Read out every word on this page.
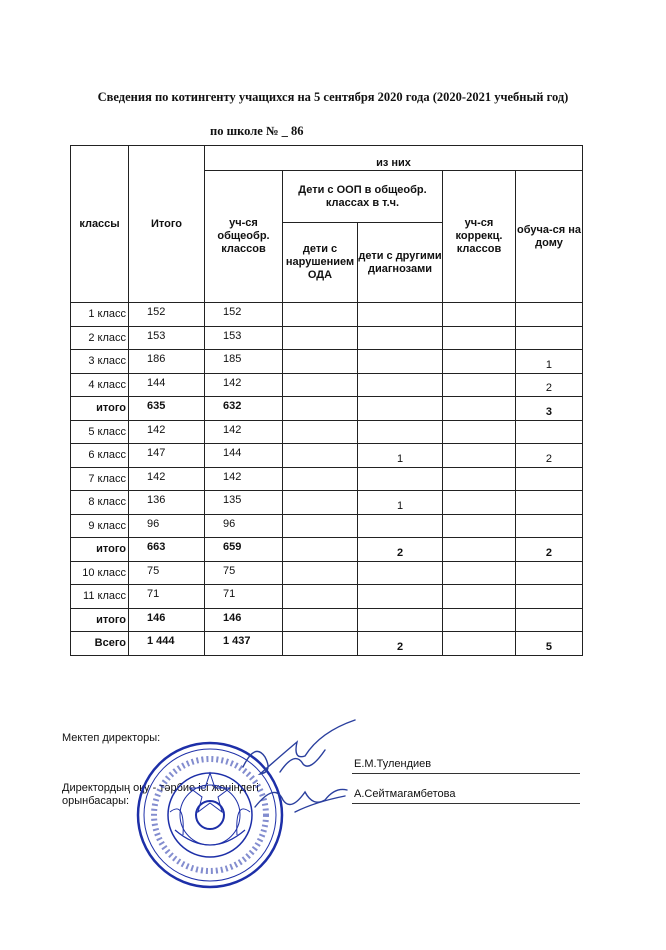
Сведения по котингенту учащихся на 5 сентября 2020 года (2020-2021 учебный год)
по школе № _ 86
классы	Итого	из них				
		уч-ся общеобр. классов	Дети с ООП в общеобр. классах в т.ч.		уч-ся коррекц. классов	обуча-ся на дому
			дети с нарушением ОДА	дети с другими диагнозами		
1 класс	152	152				
2 класс	153	153				
3 класс	186	185				1
4 класс	144	142				2
итого	635	632				3
5 класс	142	142				
6 класс	147	144		1		2
7 класс	142	142				
8 класс	136	135		1		
9 класс	96	96				
итого	663	659		2		2
10 класс	75	75				
11 класс	71	71				
итого	146	146				
Всего	1 444	1 437		2		5
Мектеп директоры:
Е.М.Тулендиев
Директордың оқу - тәрбие ісі жөніндегі
орынбасары:
А.Сейтмагамбетова
